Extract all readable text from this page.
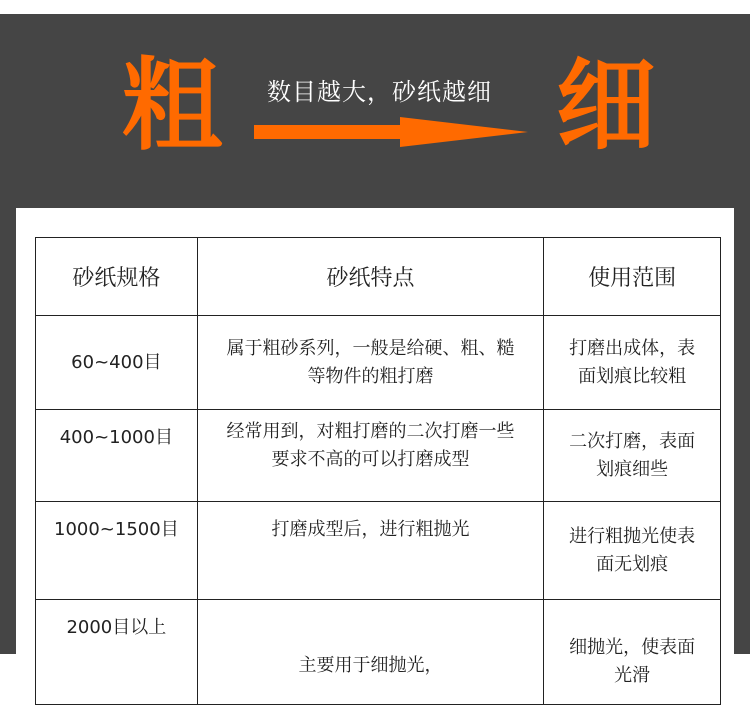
粗 数目越大，砂纸越细 细
砂纸规格	砂纸特点	使用范围
60~400目	属于粗砂系列，一般是给硬、粗、糙等物件的粗打磨	打磨出成体，表面划痕比较粗
400~1000目	经常用到，对粗打磨的二次打磨一些要求不高的可以打磨成型	二次打磨，表面划痕细些
1000~1500目	打磨成型后，进行粗抛光	进行粗抛光使表面无划痕
2000目以上	主要用于细抛光，	细抛光，使表面光滑
